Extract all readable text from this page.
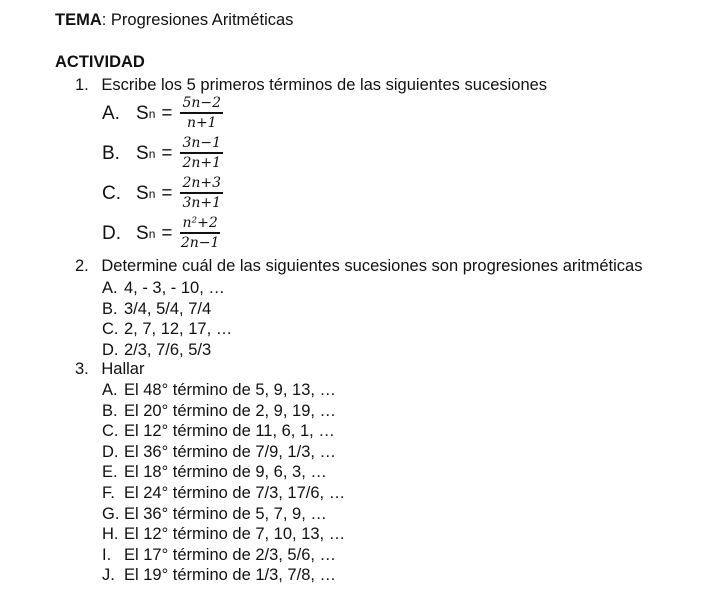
TEMA: Progresiones Aritméticas
ACTIVIDAD
1. Escribe los 5 primeros términos de las siguientes sucesiones
A. S $n = \frac{5n-2}{n+1}$
B. S $n = \frac{3n-1}{2n+1}$
C. S $n = \frac{2n+3}{3n+1}$
D. S $n = \frac{\text{n²+2}}{2n-1}$
2. Determine cuál de las siguientes sucesiones son progresiones aritméticas
A. 4, - 3, - 10, …
B. 3/4, 5/4, 7/4
C. 2, 7, 12, 17, …
D. 2/3, 7/6, 5/3
3. Hallar
A. El 48° término de 5, 9, 13, …
B. El 20° término de 2, 9, 19, …
C. El 12° término de 11, 6, 1, …
D. El 36° término de 7/9, 1/3, …
E. El 18° término de 9, 6, 3, …
F. El 24° término de 7/3, 17/6, …
G. El 36° término de 5, 7, 9, …
H. El 12° término de 7, 10, 13, …
I. El 17° término de 2/3, 5/6, …
J. El 19° término de 1/3, 7/8, …
